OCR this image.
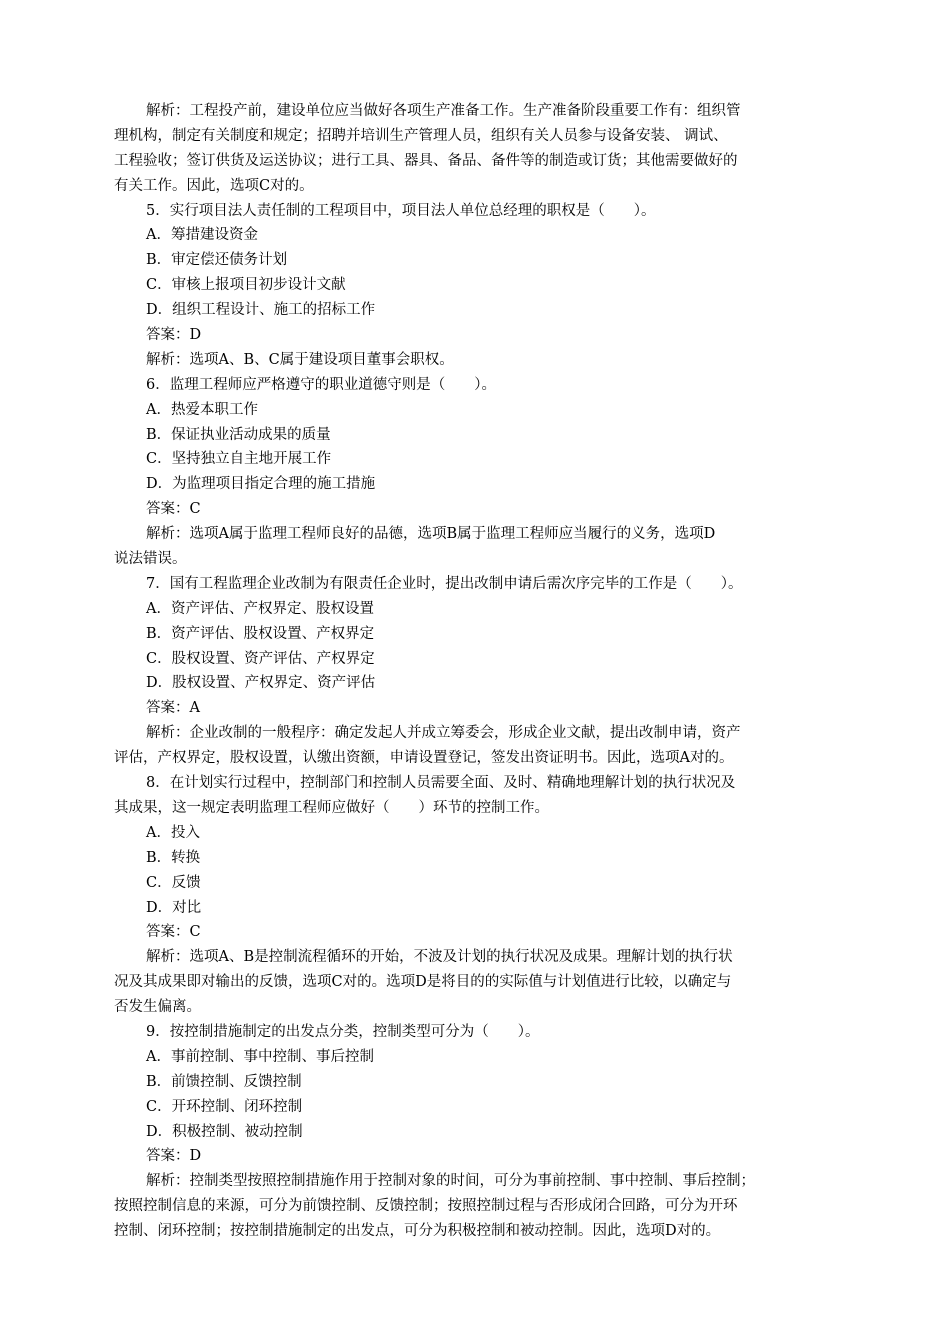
解析：工程投产前，建设单位应当做好各项生产准备工作。生产准备阶段重要工作有：组织管
理机构，制定有关制度和规定；招聘并培训生产管理人员，组织有关人员参与设备安装、 调试、
工程验收；签订供货及运送协议；进行工具、器具、备品、备件等的制造或订货；其他需要做好的
有关工作。因此，选项C对的。
5．实行项目法人责任制的工程项目中，项目法人单位总经理的职权是（　　）。
A．筹措建设资金
B．审定偿还债务计划
C．审核上报项目初步设计文献
D．组织工程设计、施工的招标工作
答案：D
解析：选项A、B、C属于建设项目董事会职权。
6．监理工程师应严格遵守的职业道德守则是（　　）。
A．热爱本职工作
B．保证执业活动成果的质量
C．坚持独立自主地开展工作
D．为监理项目指定合理的施工措施
答案：C
解析：选项A属于监理工程师良好的品德，选项B属于监理工程师应当履行的义务，选项D
说法错误。
7．国有工程监理企业改制为有限责任企业时，提出改制申请后需次序完毕的工作是（　　）。
A．资产评估、产权界定、股权设置
B．资产评估、股权设置、产权界定
C．股权设置、资产评估、产权界定
D．股权设置、产权界定、资产评估
答案：A
解析：企业改制的一般程序：确定发起人并成立筹委会，形成企业文献，提出改制申请，资产
评估，产权界定，股权设置，认缴出资额，申请设置登记，签发出资证明书。因此，选项A对的。
8．在计划实行过程中，控制部门和控制人员需要全面、及时、精确地理解计划的执行状况及
其成果，这一规定表明监理工程师应做好（　　）环节的控制工作。
A．投入
B．转换
C．反馈
D．对比
答案：C
解析：选项A、B是控制流程循环的开始，不波及计划的执行状况及成果。理解计划的执行状
况及其成果即对输出的反馈，选项C对的。选项D是将目的的实际值与计划值进行比较，以确定与
否发生偏离。
9．按控制措施制定的出发点分类，控制类型可分为（　　）。
A．事前控制、事中控制、事后控制
B．前馈控制、反馈控制
C．开环控制、闭环控制
D．积极控制、被动控制
答案：D
解析：控制类型按照控制措施作用于控制对象的时间，可分为事前控制、事中控制、事后控制；
按照控制信息的来源，可分为前馈控制、反馈控制；按照控制过程与否形成闭合回路，可分为开环
控制、闭环控制；按控制措施制定的出发点，可分为积极控制和被动控制。因此，选项D对的。
